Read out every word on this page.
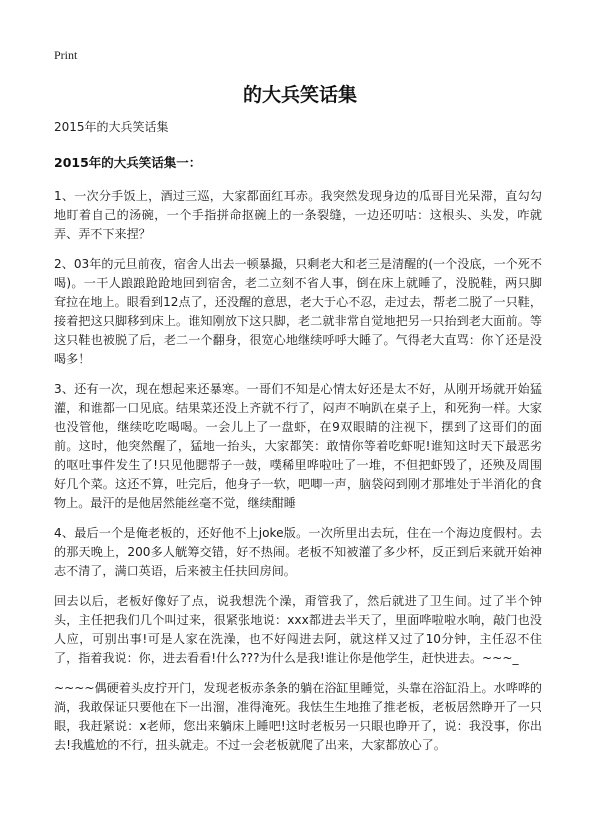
Print
的大兵笑话集
2015年的大兵笑话集
2015年的大兵笑话集一：

1、一次分手饭上，酒过三巡，大家都面红耳赤。我突然发现身边的瓜哥目光呆滞，直勾勾地盯着自己的汤碗，一个手指拼命抠碗上的一条裂缝，一边还叨咕：这根头、头发，咋就弄、弄不下来捏？

2、03年的元旦前夜，宿舍人出去一顿暴撮，只剩老大和老三是清醒的(一个没底，一个死不喝)。一干人踉踉跄跄地回到宿舍，老二立刻不省人事，倒在床上就睡了，没脱鞋，两只脚耷拉在地上。眼看到12点了，还没醒的意思，老大于心不忍，走过去，帮老二脱了一只鞋，接着把这只脚移到床上。谁知刚放下这只脚，老二就非常自觉地把另一只抬到老大面前。等这只鞋也被脱了后，老二一个翻身，很宽心地继续呼呼大睡了。气得老大直骂：你丫还是没喝多！

3、还有一次，现在想起来还暴寒。一哥们不知是心情太好还是太不好，从刚开场就开始猛灌，和谁都一口见底。结果菜还没上齐就不行了，闷声不响趴在桌子上，和死狗一样。大家也没管他，继续吃吃喝喝。一会儿上了一盘虾，在9双眼睛的注视下，摆到了这哥们的面前。这时，他突然醒了，猛地一抬头，大家都笑：敢情你等着吃虾呢!谁知这时天下最恶劣的呕吐事件发生了!只见他腮帮子一鼓，噗稀里哗啦吐了一堆，不但把虾毁了，还殃及周围好几个菜。这还不算，吐完后，他身子一软，吧唧一声，脑袋闷到刚才那堆处于半消化的食物上。最汗的是他居然能丝毫不觉，继续酣睡

4、最后一个是俺老板的，还好他不上joke版。一次所里出去玩，住在一个海边度假村。去的那天晚上，200多人觥筹交错，好不热闹。老板不知被灌了多少杯，反正到后来就开始神志不清了，满口英语，后来被主任扶回房间。

回去以后，老板好像好了点，说我想洗个澡，甭管我了，然后就进了卫生间。过了半个钟头，主任把我们几个叫过来，很紧张地说：xxx都进去半天了，里面哗啦啦水响，敲门也没人应，可别出事!可是人家在洗澡，也不好闯进去阿，就这样又过了10分钟，主任忍不住了，指着我说：你，进去看看!什么???为什么是我!谁让你是他学生，赶快进去。~~~_

~~~~偶硬着头皮拧开门，发现老板赤条条的躺在浴缸里睡觉，头靠在浴缸沿上。水哗哗的淌，我敢保证只要他在下一出溜，准得淹死。我怯生生地推了推老板，老板居然睁开了一只眼，我赶紧说：x老师，您出来躺床上睡吧!这时老板另一只眼也睁开了，说：我没事，你出去!我尴尬的不行，扭头就走。不过一会老板就爬了出来，大家都放心了。
